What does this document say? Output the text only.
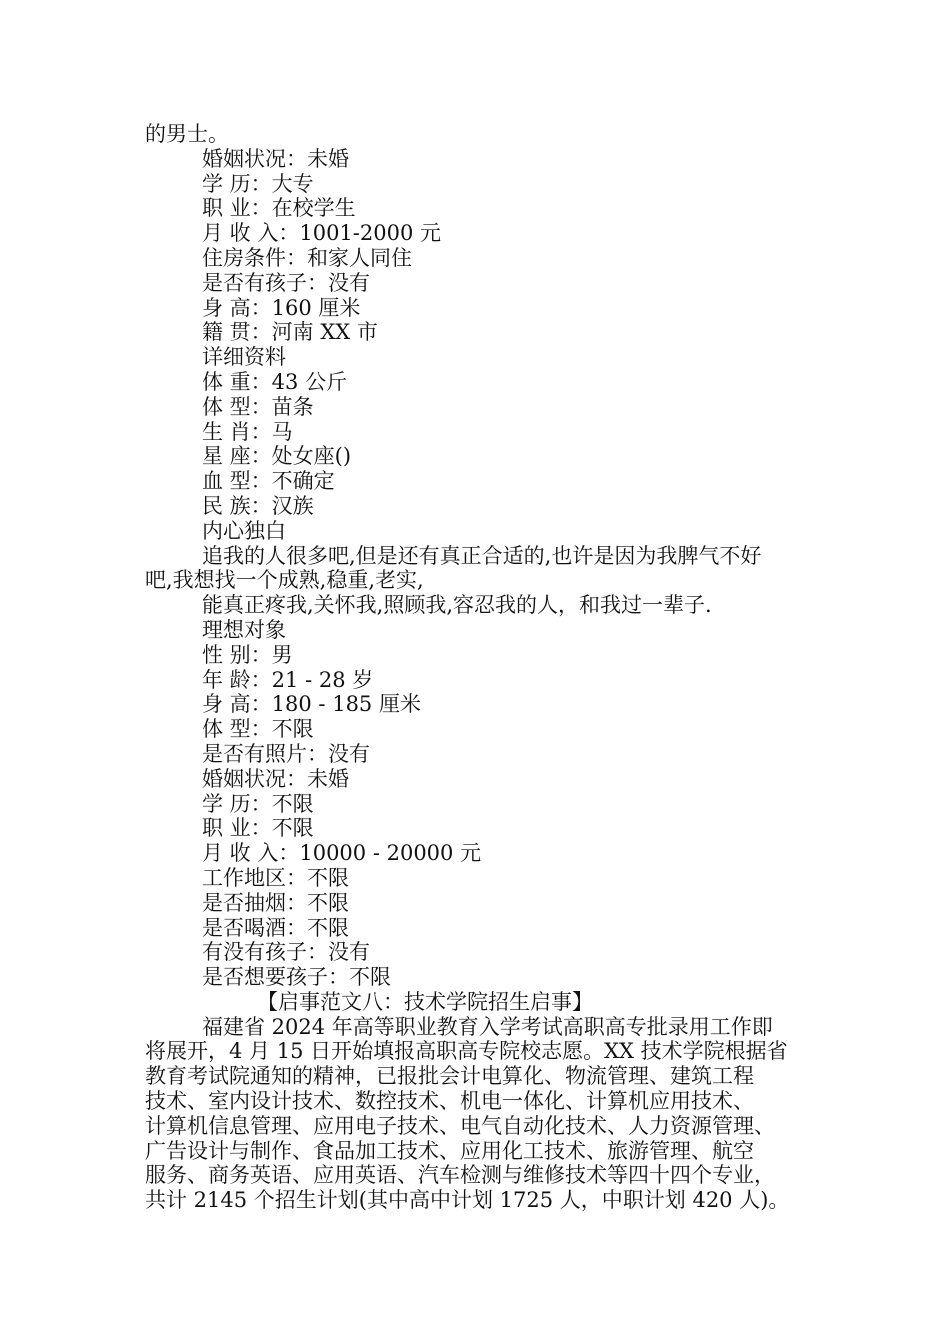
的男士。
婚姻状况：未婚
学 历：大专
职 业：在校学生
月 收 入：1001-2000 元
住房条件：和家人同住
是否有孩子：没有
身 高：160 厘米
籍 贯：河南 XX 市
详细资料
体 重：43 公斤
体 型：苗条
生 肖：马
星 座：处女座()
血 型：不确定
民 族：汉族
内心独白
追我的人很多吧,但是还有真正合适的,也许是因为我脾气不好
吧,我想找一个成熟,稳重,老实,
能真正疼我,关怀我,照顾我,容忍我的人，和我过一辈子.
理想对象
性 别：男
年 龄：21 - 28 岁
身 高：180 - 185 厘米
体 型：不限
是否有照片：没有
婚姻状况：未婚
学 历：不限
职 业：不限
月 收 入：10000 - 20000 元
工作地区：不限
是否抽烟：不限
是否喝酒：不限
有没有孩子：没有
是否想要孩子：不限
【启事范文八：技术学院招生启事】
福建省 2024 年高等职业教育入学考试高职高专批录用工作即
将展开，4 月 15 日开始填报高职高专院校志愿。XX 技术学院根据省
教育考试院通知的精神，已报批会计电算化、物流管理、建筑工程
技术、室内设计技术、数控技术、机电一体化、计算机应用技术、
计算机信息管理、应用电子技术、电气自动化技术、人力资源管理、
广告设计与制作、食品加工技术、应用化工技术、旅游管理、航空
服务、商务英语、应用英语、汽车检测与维修技术等四十四个专业，
共计 2145 个招生计划(其中高中计划 1725 人，中职计划 420 人)。
